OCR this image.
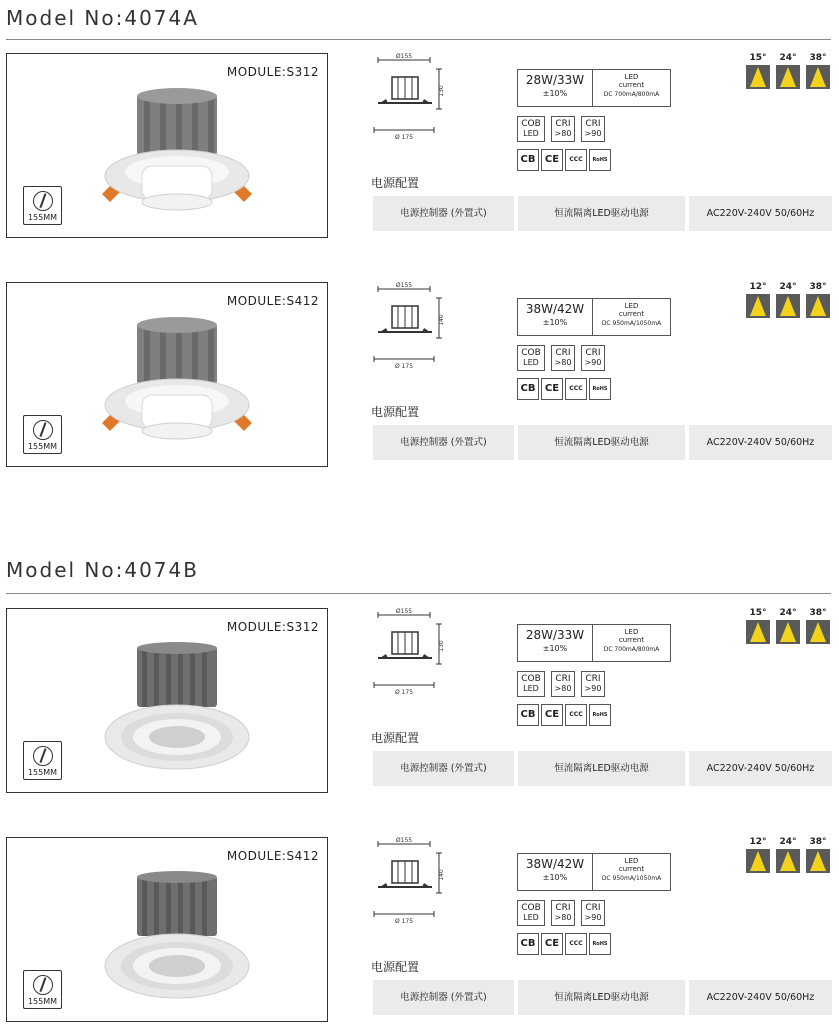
Model No:4074A
MODULE:S312
155MM
Ø155
130
Ø 175
28W/33W
±10%
LED
current
DC 700mA/800mA
COB
LED
CRI
>80
CRI
>90
CB CE	CCC	RoHS
15°	24°	38°
电源配置
电源控制器 (外置式)	恒流隔离LED驱动电源	AC220V-240V 50/60Hz
MODULE:S412
155MM
Ø155
140
Ø 175
38W/42W
±10%
LED
current
DC 950mA/1050mA
COB
LED
CRI
>80
CRI
>90
CB CE	CCC	RoHS
12°	24°	38°
电源配置
电源控制器 (外置式)	恒流隔离LED驱动电源	AC220V-240V 50/60Hz
Model No:4074B
MODULE:S312
155MM
Ø155
130
Ø 175
28W/33W
±10%
LED
current
DC 700mA/800mA
COB
LED
CRI
>80
CRI
>90
CB CE	CCC	RoHS
15°	24°	38°
电源配置
电源控制器 (外置式)	恒流隔离LED驱动电源	AC220V-240V 50/60Hz
MODULE:S412
155MM
Ø155
140
Ø 175
38W/42W
±10%
LED
current
DC 950mA/1050mA
COB
LED
CRI
>80
CRI
>90
CB CE	CCC	RoHS
12°	24°	38°
电源配置
电源控制器 (外置式)	恒流隔离LED驱动电源	AC220V-240V 50/60Hz
